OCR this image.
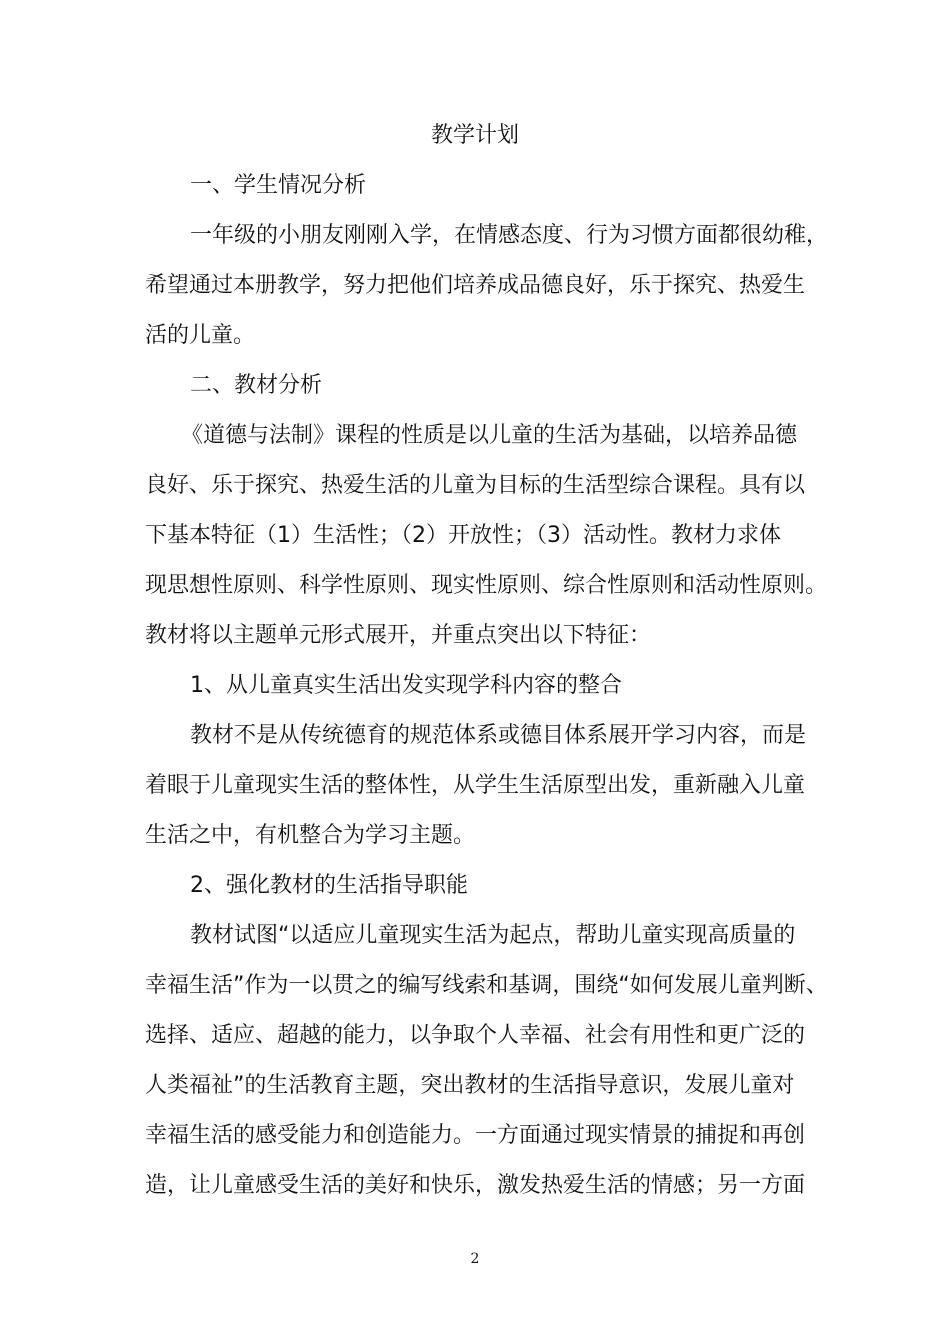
教学计划
一、学生情况分析
一年级的小朋友刚刚入学，在情感态度、行为习惯方面都很幼稚，
希望通过本册教学，努力把他们培养成品德良好，乐于探究、热爱生
活的儿童。
二、教材分析
《道德与法制》课程的性质是以儿童的生活为基础，以培养品德
良好、乐于探究、热爱生活的儿童为目标的生活型综合课程。具有以
下基本特征（1）生活性；（2）开放性；（3）活动性。教材力求体
现思想性原则、科学性原则、现实性原则、综合性原则和活动性原则。
教材将以主题单元形式展开，并重点突出以下特征：
1、从儿童真实生活出发实现学科内容的整合
教材不是从传统德育的规范体系或德目体系展开学习内容，而是
着眼于儿童现实生活的整体性，从学生生活原型出发，重新融入儿童
生活之中，有机整合为学习主题。
2、强化教材的生活指导职能
教材试图“以适应儿童现实生活为起点，帮助儿童实现高质量的
幸福生活”作为一以贯之的编写线索和基调，围绕“如何发展儿童判断、
选择、适应、超越的能力，以争取个人幸福、社会有用性和更广泛的
人类福祉”的生活教育主题，突出教材的生活指导意识，发展儿童对
幸福生活的感受能力和创造能力。一方面通过现实情景的捕捉和再创
造，让儿童感受生活的美好和快乐，激发热爱生活的情感；另一方面
2
